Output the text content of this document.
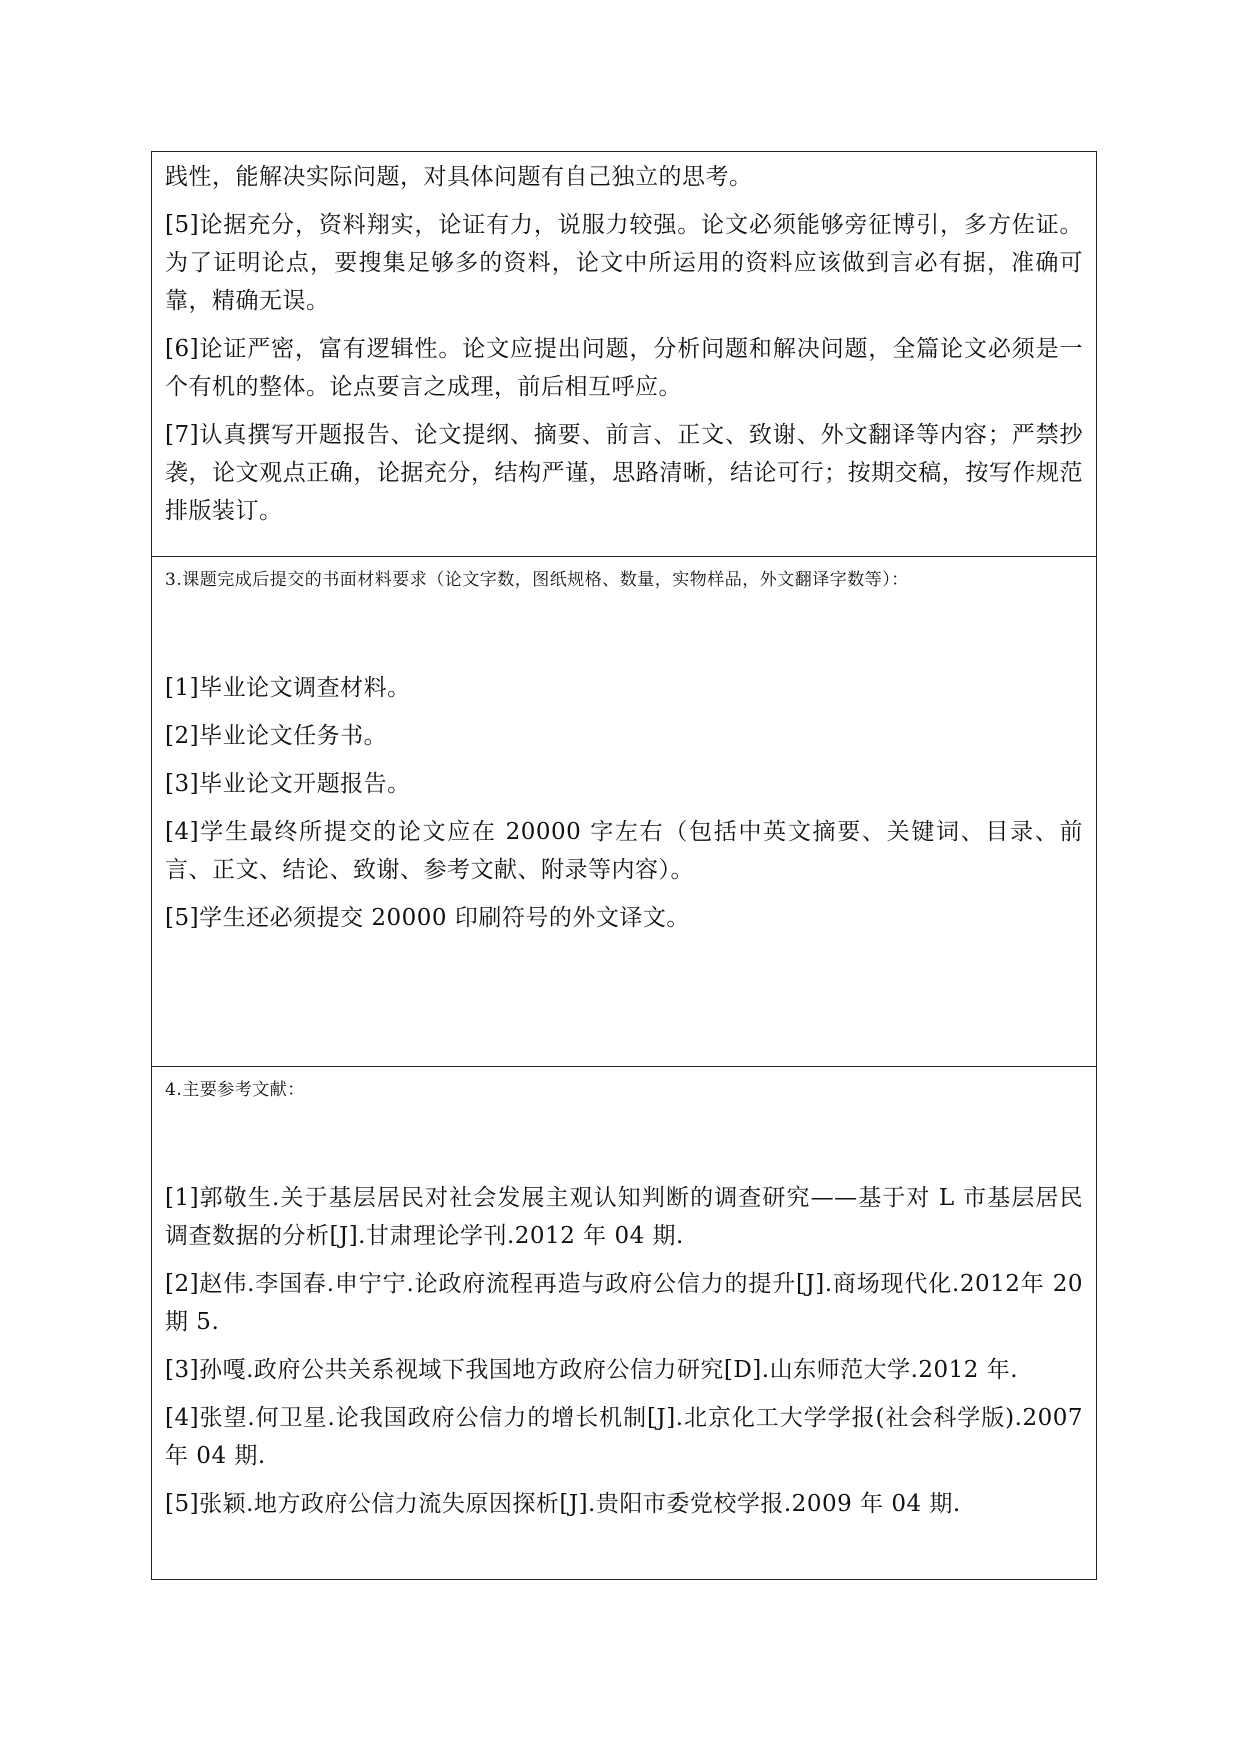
践性，能解决实际问题，对具体问题有自己独立的思考。

[5]论据充分，资料翔实，论证有力，说服力较强。论文必须能够旁征博引，多方佐证。为了证明论点，要搜集足够多的资料，论文中所运用的资料应该做到言必有据，准确可靠，精确无误。

[6]论证严密，富有逻辑性。论文应提出问题，分析问题和解决问题，全篇论文必须是一个有机的整体。论点要言之成理，前后相互呼应。

[7]认真撰写开题报告、论文提纲、摘要、前言、正文、致谢、外文翻译等内容；严禁抄袭，论文观点正确，论据充分，结构严谨，思路清晰，结论可行；按期交稿，按写作规范排版装订。

3.课题完成后提交的书面材料要求（论文字数，图纸规格、数量，实物样品，外文翻译字数等）：

[1]毕业论文调查材料。

[2]毕业论文任务书。

[3]毕业论文开题报告。

[4]学生最终所提交的论文应在 20000 字左右（包括中英文摘要、关键词、目录、前言、正文、结论、致谢、参考文献、附录等内容）。

[5]学生还必须提交 20000 印刷符号的外文译文。

4.主要参考文献：

[1]郭敬生.关于基层居民对社会发展主观认知判断的调查研究——基于对 L 市基层居民调查数据的分析[J].甘肃理论学刊.2012 年 04 期.

[2]赵伟.李国春.申宁宁.论政府流程再造与政府公信力的提升[J].商场现代化.2012年 20 期 5.

[3]孙嘎.政府公共关系视域下我国地方政府公信力研究[D].山东师范大学.2012 年.

[4]张望.何卫星.论我国政府公信力的增长机制[J].北京化工大学学报(社会科学版).2007 年 04 期.

[5]张颖.地方政府公信力流失原因探析[J].贵阳市委党校学报.2009 年 04 期.
